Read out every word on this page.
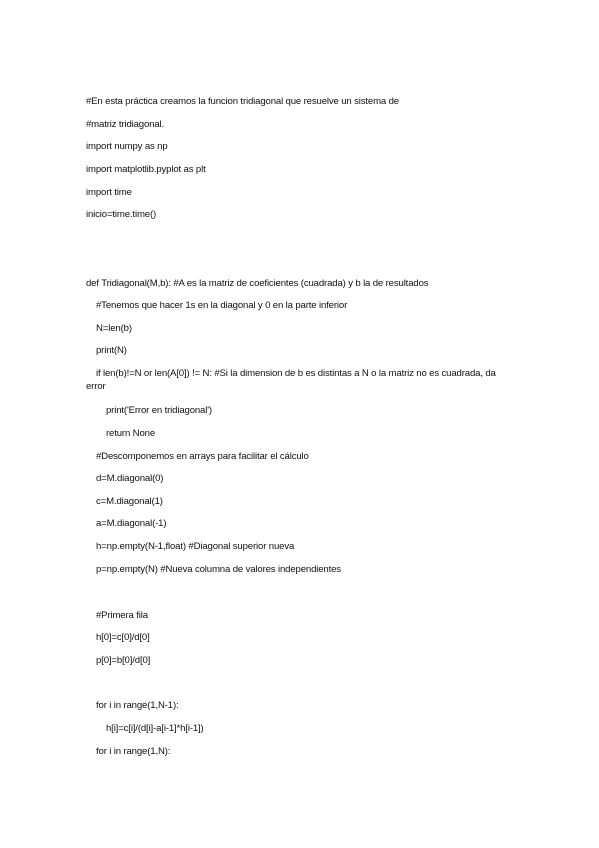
#En esta práctica creamos la funcion tridiagonal que resuelve un sistema de
#matriz tridiagonal.
import numpy as np
import matplotlib.pyplot as plt
import time
inicio=time.time()
def Tridiagonal(M,b): #A es la matriz de coeficientes (cuadrada) y b la de resultados
#Tenemos que hacer 1s en la diagonal y 0 en la parte inferior
N=len(b)
print(N)
if len(b)!=N or len(A[0]) != N: #Si la dimension de b es distintas a N o la matriz no es cuadrada, da error
print('Error en tridiagonal')
return None
#Descomponemos en arrays para facilitar el cálculo
d=M.diagonal(0)
c=M.diagonal(1)
a=M.diagonal(-1)
h=np.empty(N-1,float) #Diagonal superior nueva
p=np.empty(N) #Nueva columna de valores independientes
#Primera fila
h[0]=c[0]/d[0]
p[0]=b[0]/d[0]
for i in range(1,N-1):
h[i]=c[i]/(d[i]-a[i-1]*h[i-1])
for i in range(1,N):
